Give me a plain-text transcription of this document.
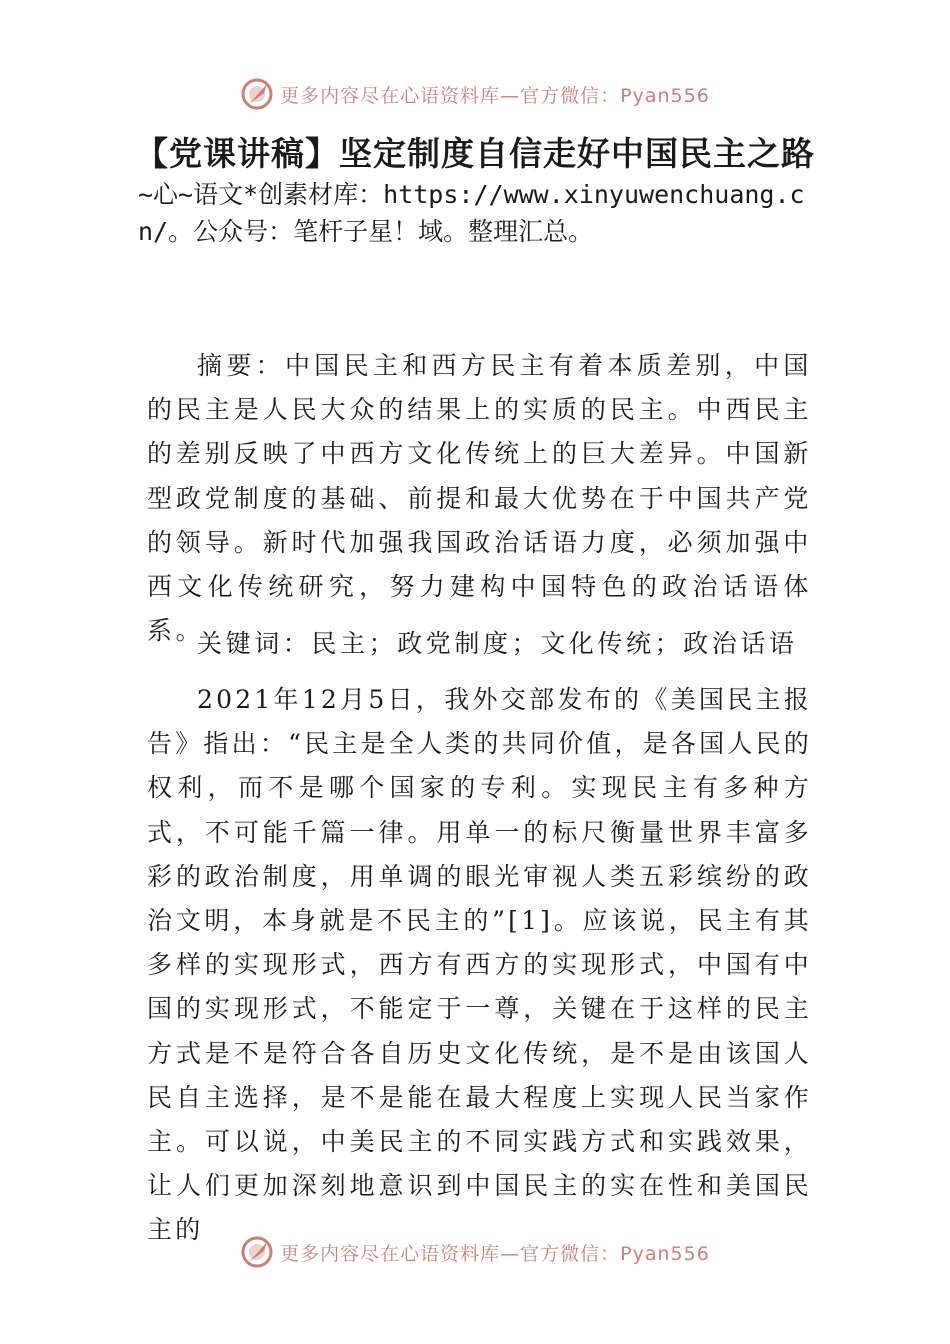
更多内容尽在心语资料库—官方微信：Pyan556
【党课讲稿】坚定制度自信走好中国民主之路
~心~语文*创素材库：https://www.xinyuwenchuang.cn/。公众号：笔杆子星！域。整理汇总。

摘要：中国民主和西方民主有着本质差别，中国的民主是人民大众的结果上的实质的民主。中西民主的差别反映了中西方文化传统上的巨大差异。中国新型政党制度的基础、前提和最大优势在于中国共产党的领导。新时代加强我国政治话语力度，必须加强中西文化传统研究，努力建构中国特色的政治话语体系。

关键词：民主；政党制度；文化传统；政治话语

2021年12月5日，我外交部发布的《美国民主报告》指出：“民主是全人类的共同价值，是各国人民的权利，而不是哪个国家的专利。实现民主有多种方式，不可能千篇一律。用单一的标尺衡量世界丰富多彩的政治制度，用单调的眼光审视人类五彩缤纷的政治文明，本身就是不民主的”[1]。应该说，民主有其多样的实现形式，西方有西方的实现形式，中国有中国的实现形式，不能定于一尊，关键在于这样的民主方式是不是符合各自历史文化传统，是不是由该国人民自主选择，是不是能在最大程度上实现人民当家作主。可以说，中美民主的不同实践方式和实践效果，让人们更加深刻地意识到中国民主的实在性和美国民主的

更多内容尽在心语资料库—官方微信：Pyan556
